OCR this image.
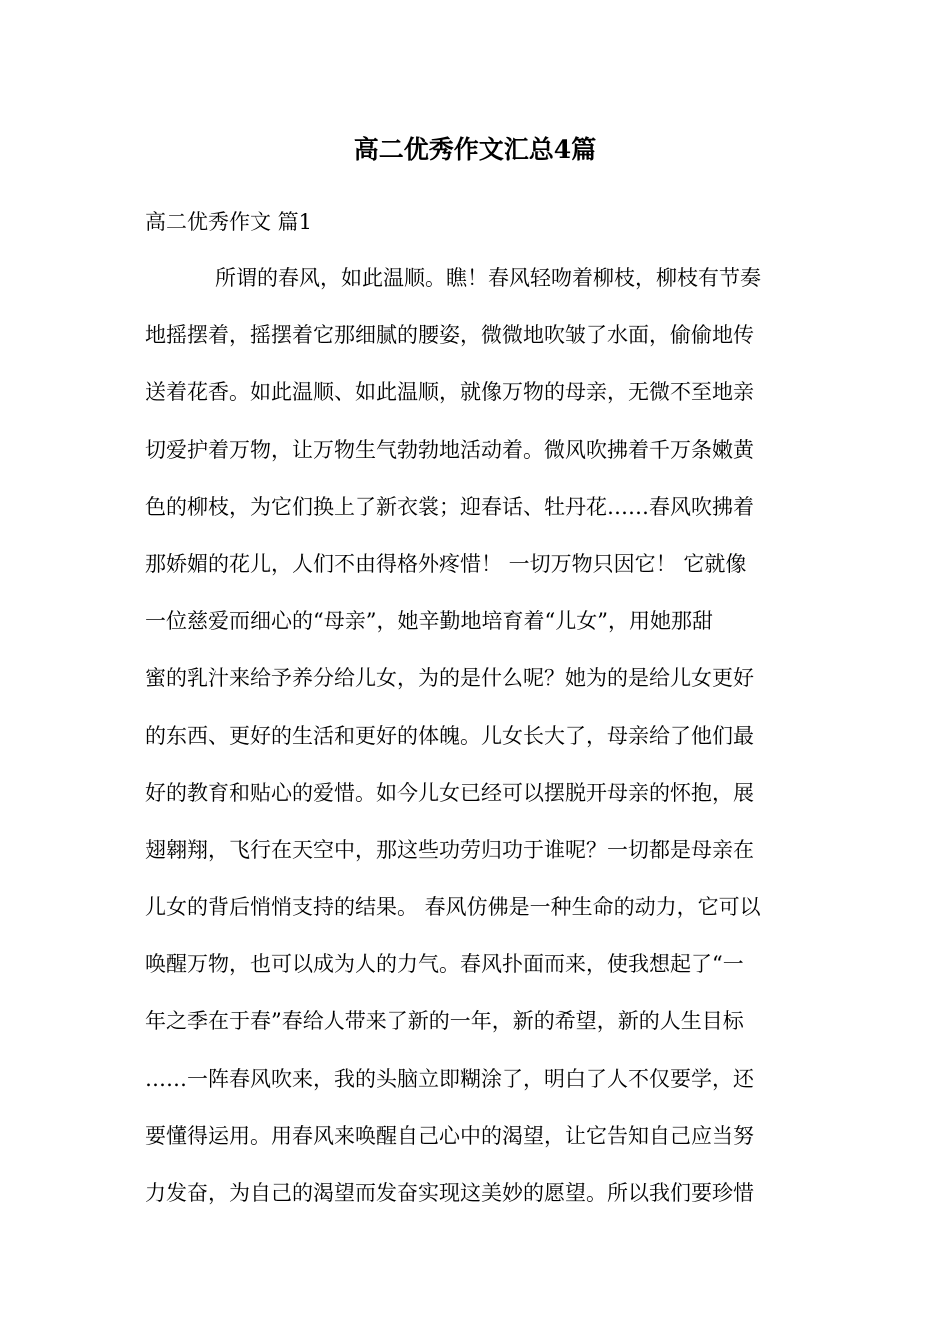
高二优秀作文汇总4篇
高二优秀作文 篇1
所谓的春风，如此温顺。瞧！春风轻吻着柳枝，柳枝有节奏
地摇摆着，摇摆着它那细腻的腰姿，微微地吹皱了水面，偷偷地传
送着花香。如此温顺、如此温顺，就像万物的母亲，无微不至地亲
切爱护着万物，让万物生气勃勃地活动着。微风吹拂着千万条嫩黄
色的柳枝，为它们换上了新衣裳；迎春话、牡丹花……春风吹拂着
那娇媚的花儿，人们不由得格外疼惜！ 一切万物只因它！ 它就像
一位慈爱而细心的“母亲”，她辛勤地培育着“儿女”，用她那甜
蜜的乳汁来给予养分给儿女，为的是什么呢？她为的是给儿女更好
的东西、更好的生活和更好的体魄。儿女长大了，母亲给了他们最
好的教育和贴心的爱惜。如今儿女已经可以摆脱开母亲的怀抱，展
翅翱翔，飞行在天空中，那这些功劳归功于谁呢？一切都是母亲在
儿女的背后悄悄支持的结果。 春风仿佛是一种生命的动力，它可以
唤醒万物，也可以成为人的力气。春风扑面而来，使我想起了“一
年之季在于春”春给人带来了新的一年，新的希望，新的人生目标
……一阵春风吹来，我的头脑立即糊涂了，明白了人不仅要学，还
要懂得运用。用春风来唤醒自己心中的渴望，让它告知自己应当努
力发奋，为自己的渴望而发奋实现这美妙的愿望。所以我们要珍惜
